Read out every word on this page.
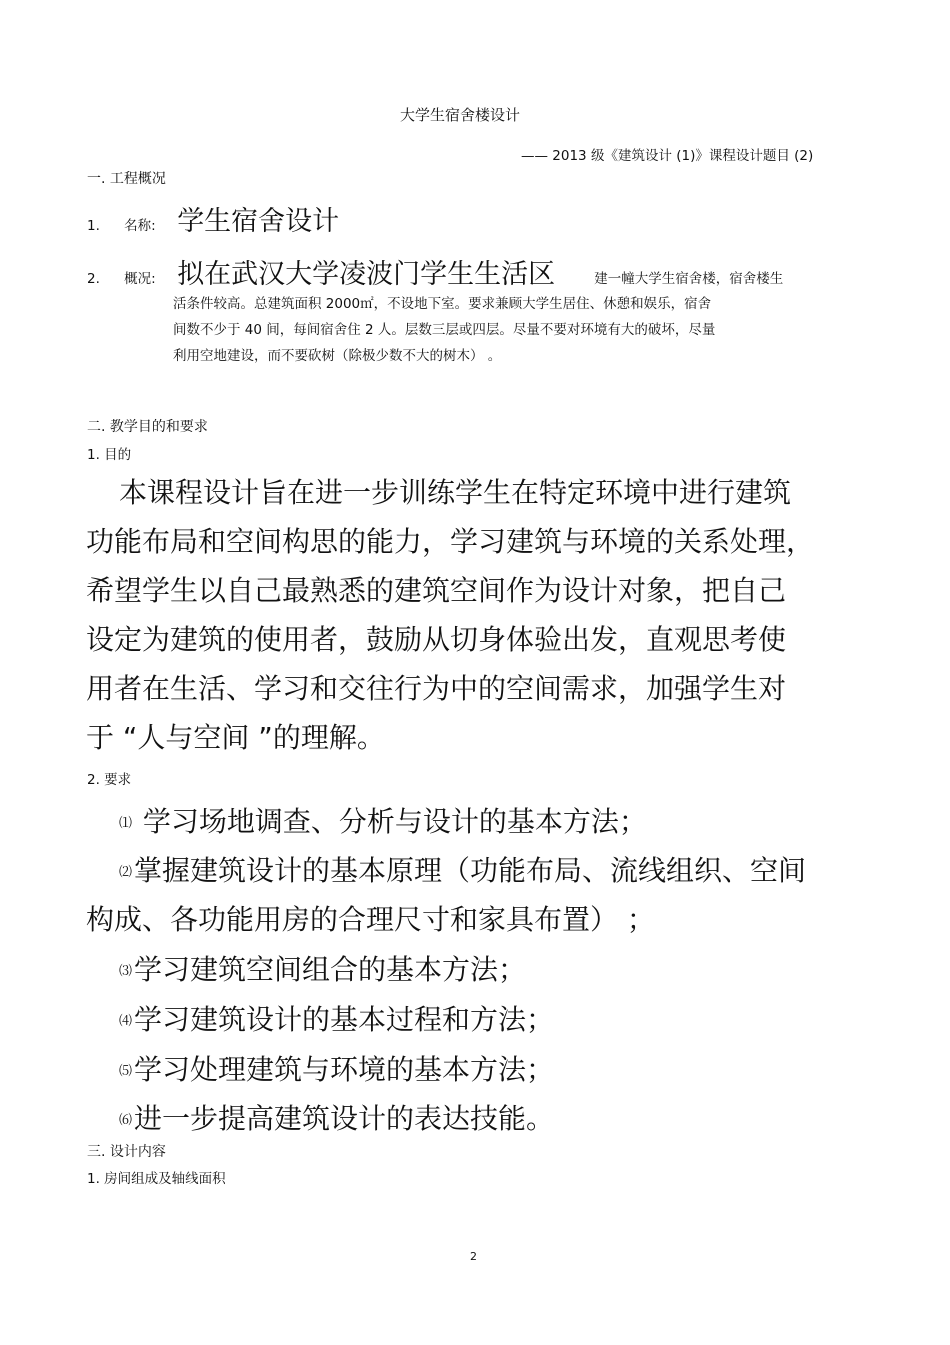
大学生宿舍楼设计
—— 2013 级《建筑设计 (1)》课程设计题目 (2)
一. 工程概况
1. 名称: 学生宿舍设计
2. 概况: 拟在武汉大学凌波门学生生活区	建一幢大学生宿舍楼，宿舍楼生
活条件较高。总建筑面积 2000㎡，不设地下室。要求兼顾大学生居住、休憩和娱乐，宿舍
间数不少于 40 间，每间宿舍住 2 人。层数三层或四层。尽量不要对环境有大的破坏，尽量
利用空地建设，而不要砍树（除极少数不大的树木） 。
二. 教学目的和要求
1. 目的
本课程设计旨在进一步训练学生在特定环境中进行建筑
功能布局和空间构思的能力，学习建筑与环境的关系处理，
希望学生以自己最熟悉的建筑空间作为设计对象，把自己
设定为建筑的使用者，鼓励从切身体验出发，直观思考使
用者在生活、学习和交往行为中的空间需求，加强学生对
于 “人与空间 ”的理解。
2. 要求
⑴ 学习场地调查、分析与设计的基本方法；
⑵掌握建筑设计的基本原理（功能布局、流线组织、空间
构成、各功能用房的合理尺寸和家具布置） ；
⑶学习建筑空间组合的基本方法；
⑷学习建筑设计的基本过程和方法；
⑸学习处理建筑与环境的基本方法；
⑹进一步提高建筑设计的表达技能。
三. 设计内容
1. 房间组成及轴线面积
2
